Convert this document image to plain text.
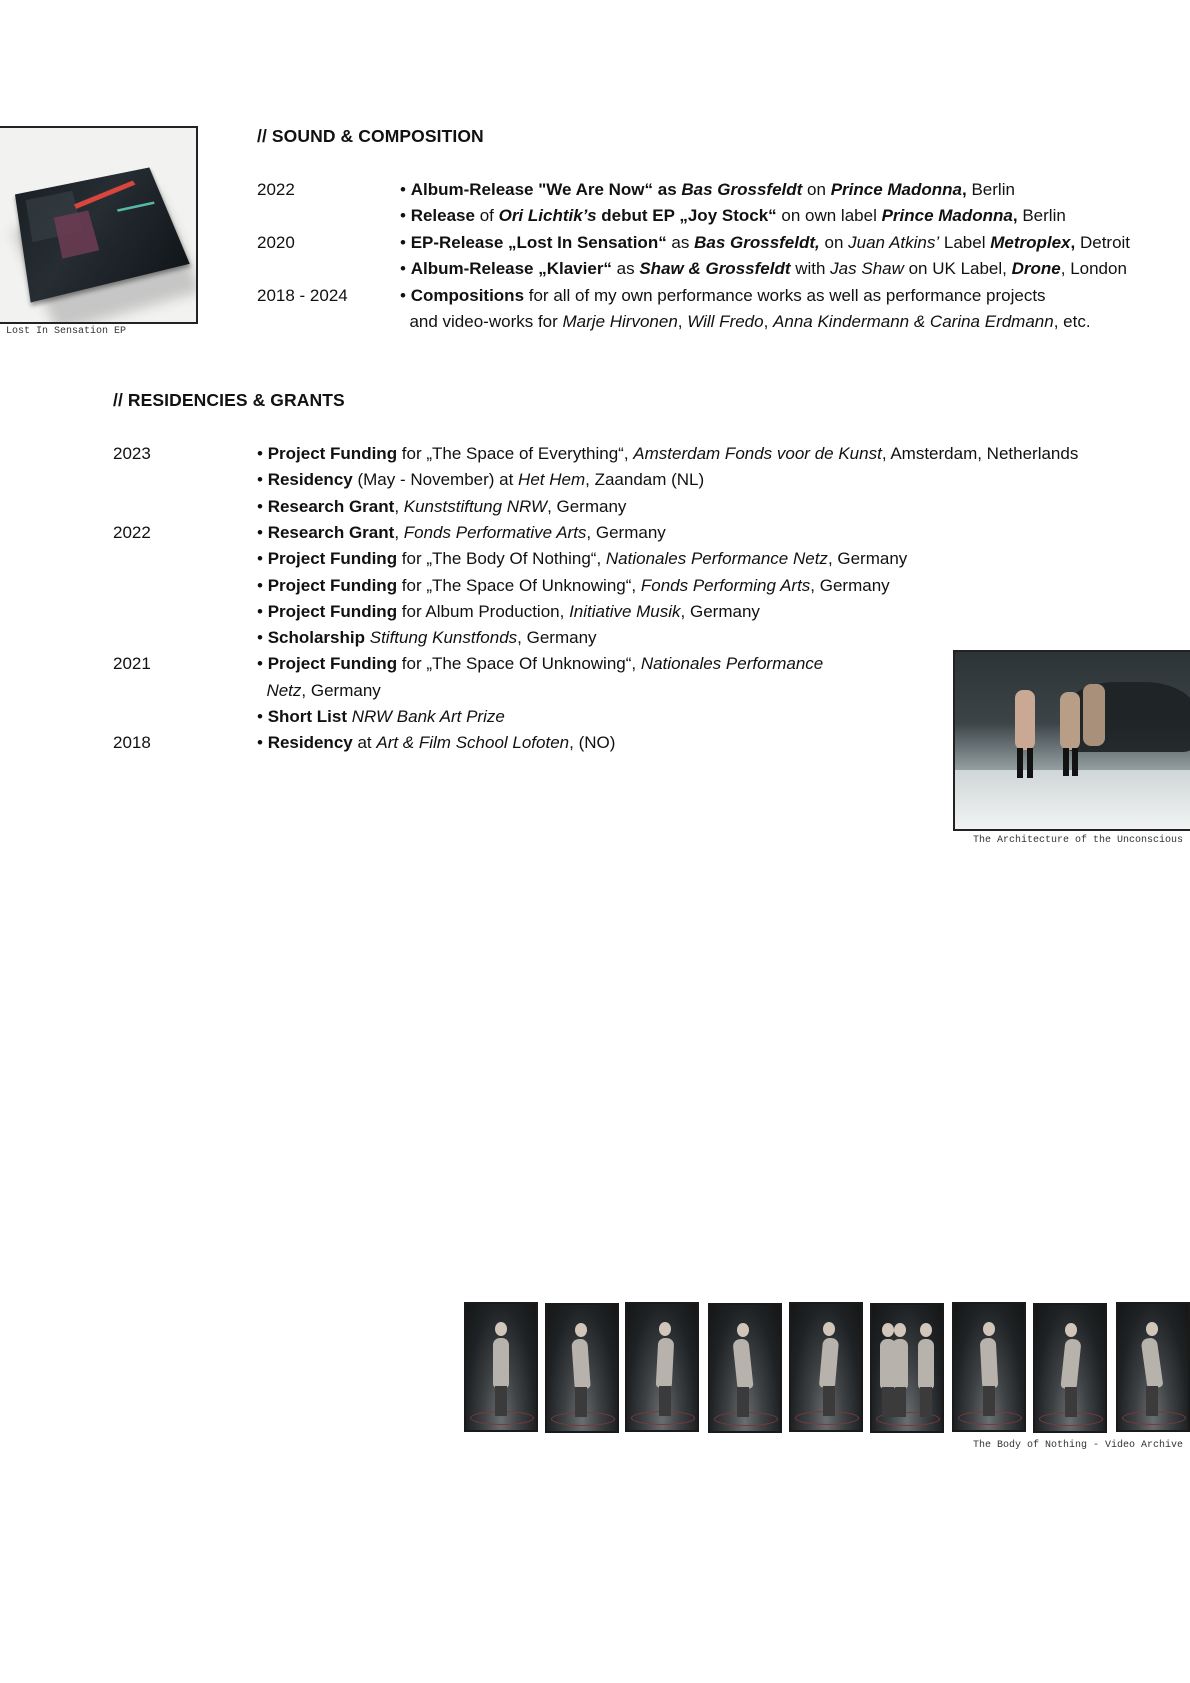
Lost In Sensation EP
// SOUND & COMPOSITION
2022	• Album-Release "We Are Now“ as Bas Grossfeldt on Prince Madonna, Berlin
• Release of Ori Lichtik’s debut EP „Joy Stock“ on own label Prince Madonna, Berlin
2020	• EP-Release „Lost In Sensation“ as Bas Grossfeldt, on Juan Atkins’ Label Metroplex, Detroit
• Album-Release „Klavier“ as Shaw & Grossfeldt with Jas Shaw on UK Label, Drone, London
2018 - 2024	• Compositions for all of my own performance works as well as performance projects
and video-works for Marje Hirvonen, Will Fredo, Anna Kindermann & Carina Erdmann, etc.
// RESIDENCIES & GRANTS
2023	• Project Funding for „The Space of Everything“, Amsterdam Fonds voor de Kunst, Amsterdam, Netherlands
• Residency (May - November) at Het Hem, Zaandam (NL)
• Research Grant, Kunststiftung NRW, Germany
2022	• Research Grant, Fonds Performative Arts, Germany
• Project Funding for „The Body Of Nothing“, Nationales Performance Netz, Germany
• Project Funding for „The Space Of Unknowing“, Fonds Performing Arts, Germany
• Project Funding for Album Production, Initiative Musik, Germany
• Scholarship Stiftung Kunstfonds, Germany
2021	• Project Funding for „The Space Of Unknowing“, Nationales Performance
Netz, Germany
• Short List NRW Bank Art Prize
2018	• Residency at Art & Film School Lofoten, (NO)
The Architecture of the Unconscious
The Body of Nothing - Video Archive
